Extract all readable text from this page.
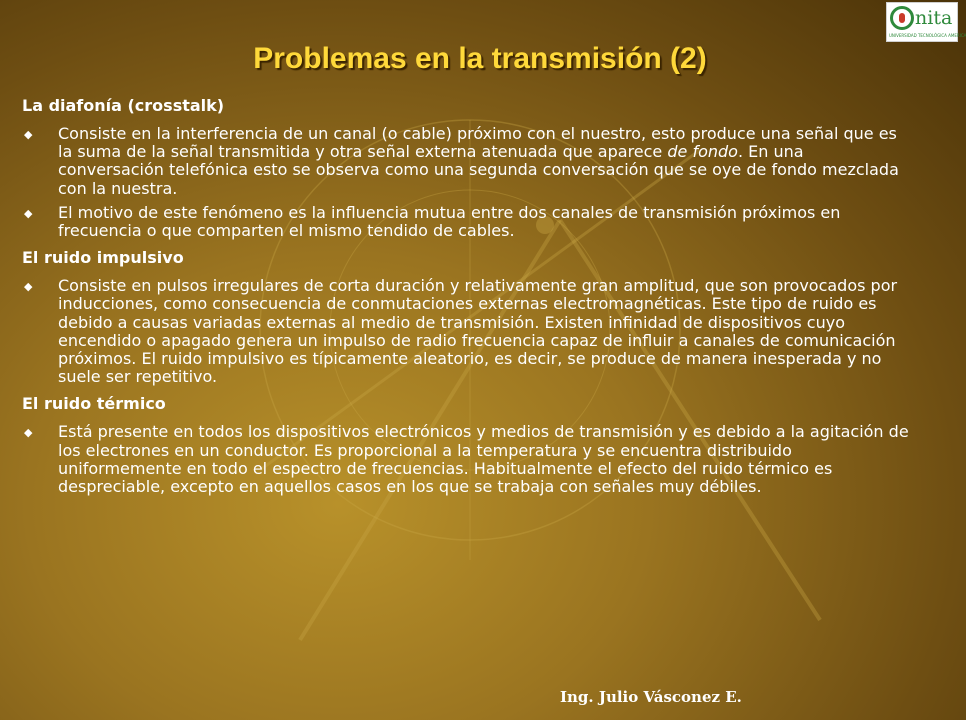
nita
UNIVERSIDAD TECNOLÓGICA AMERICA
Problemas en la transmisión (2)
La diafonía (crosstalk)
◆ Consiste en la interferencia de un canal (o cable) próximo con el nuestro, esto produce una señal que es la suma de la señal transmitida y otra señal externa atenuada que aparece de fondo. En una conversación telefónica esto se observa como una segunda conversación que se oye de fondo mezclada con la nuestra.
◆ El motivo de este fenómeno es la influencia mutua entre dos canales de transmisión próximos en frecuencia o que comparten el mismo tendido de cables.
El ruido impulsivo
◆ Consiste en pulsos irregulares de corta duración y relativamente gran amplitud, que son provocados por inducciones, como consecuencia de conmutaciones externas electromagnéticas. Este tipo de ruido es debido a causas variadas externas al medio de transmisión. Existen infinidad de dispositivos cuyo encendido o apagado genera un impulso de radio frecuencia capaz de influir a canales de comunicación próximos. El ruido impulsivo es típicamente aleatorio, es decir, se produce de manera inesperada y no suele ser repetitivo.
El ruido térmico
◆ Está presente en todos los dispositivos electrónicos y medios de transmisión y es debido a la agitación de los electrones en un conductor. Es proporcional a la temperatura y se encuentra distribuido uniformemente en todo el espectro de frecuencias. Habitualmente el efecto del ruido térmico es despreciable, excepto en aquellos casos en los que se trabaja con señales muy débiles.
Ing. Julio Vásconez E.
